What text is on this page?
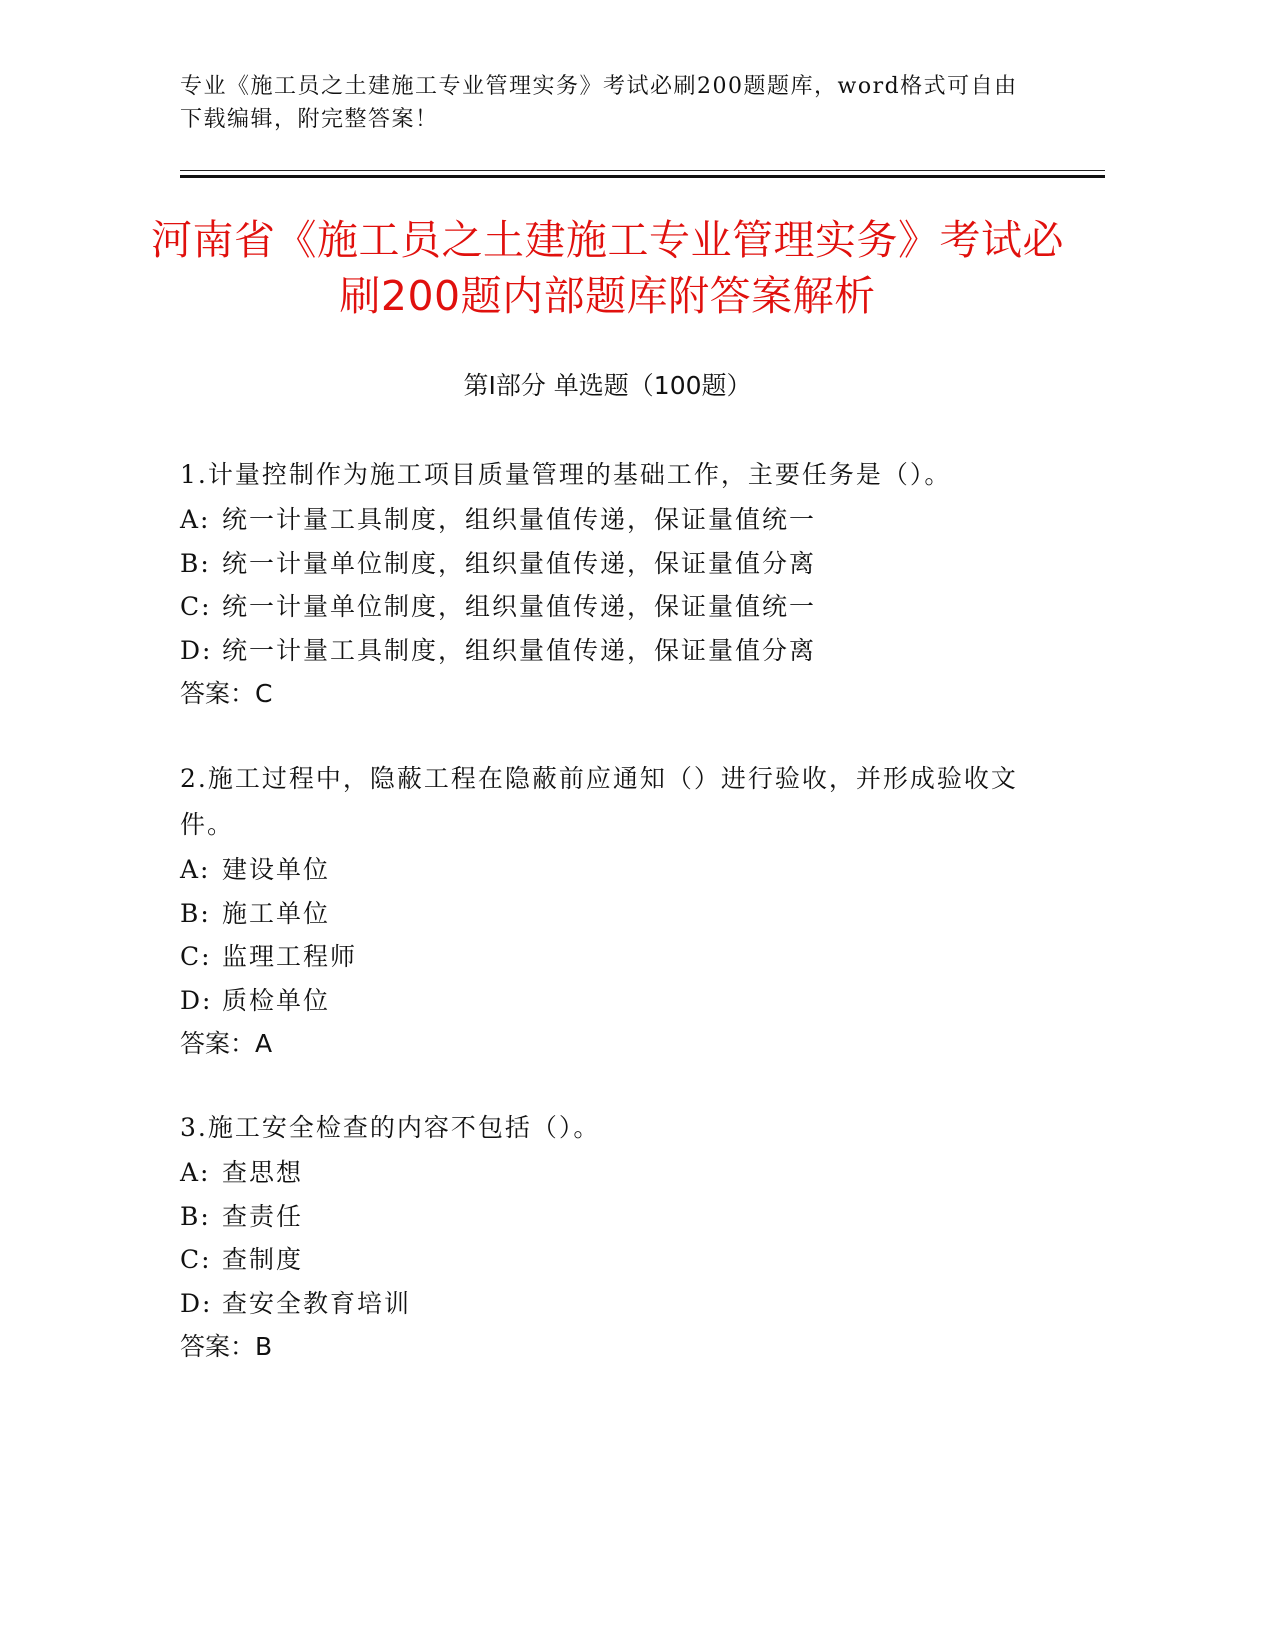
专业《施工员之土建施工专业管理实务》考试必刷200题题库，word格式可自由下载编辑，附完整答案！
河南省《施工员之土建施工专业管理实务》考试必刷200题内部题库附答案解析
第Ⅰ部分 单选题（100题）
1.计量控制作为施工项目质量管理的基础工作，主要任务是（）。
A: 统一计量工具制度，组织量值传递，保证量值统一
B: 统一计量单位制度，组织量值传递，保证量值分离
C: 统一计量单位制度，组织量值传递，保证量值统一
D: 统一计量工具制度，组织量值传递，保证量值分离
答案：C
2.施工过程中，隐蔽工程在隐蔽前应通知（）进行验收，并形成验收文件。
A: 建设单位
B: 施工单位
C: 监理工程师
D: 质检单位
答案：A
3.施工安全检查的内容不包括（）。
A: 查思想
B: 查责任
C: 查制度
D: 查安全教育培训
答案：B
